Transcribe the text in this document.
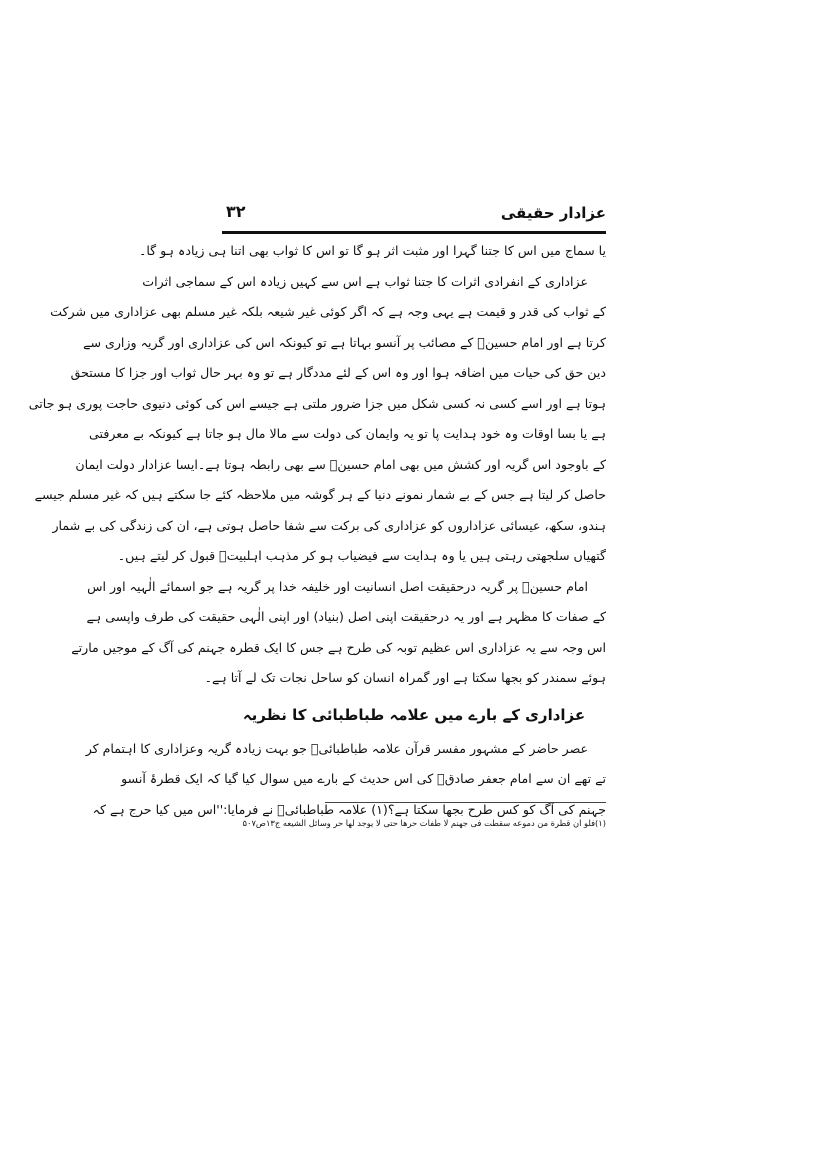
عزادار حقیقی
۳۲
یا سماج میں اس کا جتنا گہرا اور مثبت اثر ہو گا تو اس کا ثواب بھی اتنا ہی زیادہ ہو گا۔
عزاداری کے انفرادی اثرات کا جتنا ثواب ہے اس سے کہیں زیادہ اس کے سماجی اثرات
کے ثواب کی قدر و قیمت ہے یہی وجہ ہے کہ اگر کوئی غیر شیعہ بلکہ غیر مسلم بھی عزاداری میں شرکت
کرتا ہے اور امام حسینؑ کے مصائب پر آنسو بہاتا ہے تو کیونکہ اس کی عزاداری اور گریہ وزاری سے
دین حق کی حیات میں اضافہ ہوا اور وہ اس کے لئے مددگار ہے تو وہ بہر حال ثواب اور جزا کا مستحق
ہوتا ہے اور اسے کسی نہ کسی شکل میں جزا ضرور ملتی ہے جیسے اس کی کوئی دنیوی حاجت پوری ہو جاتی
ہے یا بسا اوقات وہ خود ہدایت پا تو یہ وایمان کی دولت سے مالا مال ہو جاتا ہے کیونکہ بے معرفتی
کے باوجود اس گریہ اور کشش میں بھی امام حسینؑ سے بھی رابطہ ہوتا ہے۔ایسا عزادار دولت ایمان
حاصل کر لیتا ہے جس کے بے شمار نمونے دنیا کے ہر گوشہ میں ملاحظہ کئے جا سکتے ہیں کہ غیر مسلم جیسے
ہندو، سکھ، عیسائی عزاداروں کو عزاداری کی برکت سے شفا حاصل ہوتی ہے، ان کی زندگی کی بے شمار
گتھیاں سلجھتی رہتی ہیں یا وہ ہدایت سے فیضیاب ہو کر مذہب اہلبیتؑ قبول کر لیتے ہیں۔
امام حسینؑ پر گریہ درحقیقت اصل انسانیت اور خلیفہ خدا پر گریہ ہے جو اسمائے الٰہیہ اور اس
کے صفات کا مظہر ہے اور یہ درحقیقت اپنی اصل (بنیاد) اور اپنی الٰہی حقیقت کی طرف واپسی ہے
اس وجہ سے یہ عزاداری اس عظیم توبہ کی طرح ہے جس کا ایک قطرہ جہنم کی آگ کے موجیں مارتے
ہوئے سمندر کو بجھا سکتا ہے اور گمراہ انسان کو ساحل نجات تک لے آتا ہے۔
عزاداری کے بارے میں علامہ طباطبائی کا نظریہ
عصر حاضر کے مشہور مفسر قرآن علامہ طباطبائیؒ جو بہت زیادہ گریہ وعزاداری کا اہتمام کر
تے تھے ان سے امام جعفر صادقؑ کی اس حدیث کے بارے میں سوال کیا گیا کہ ایک قطرۂ آنسو
جہنم کی آگ کو کس طرح بجھا سکتا ہے؟(۱) علامہ طباطبائیؒ نے فرمایا:''اس میں کیا حرج ہے کہ
(۱)فلو ان قطرة من دموعه سقطت فی جهنم لا طفات حرها حتی لا يوجد لها حر وسائل الشيعه ج۱۳ص۵۰۷
